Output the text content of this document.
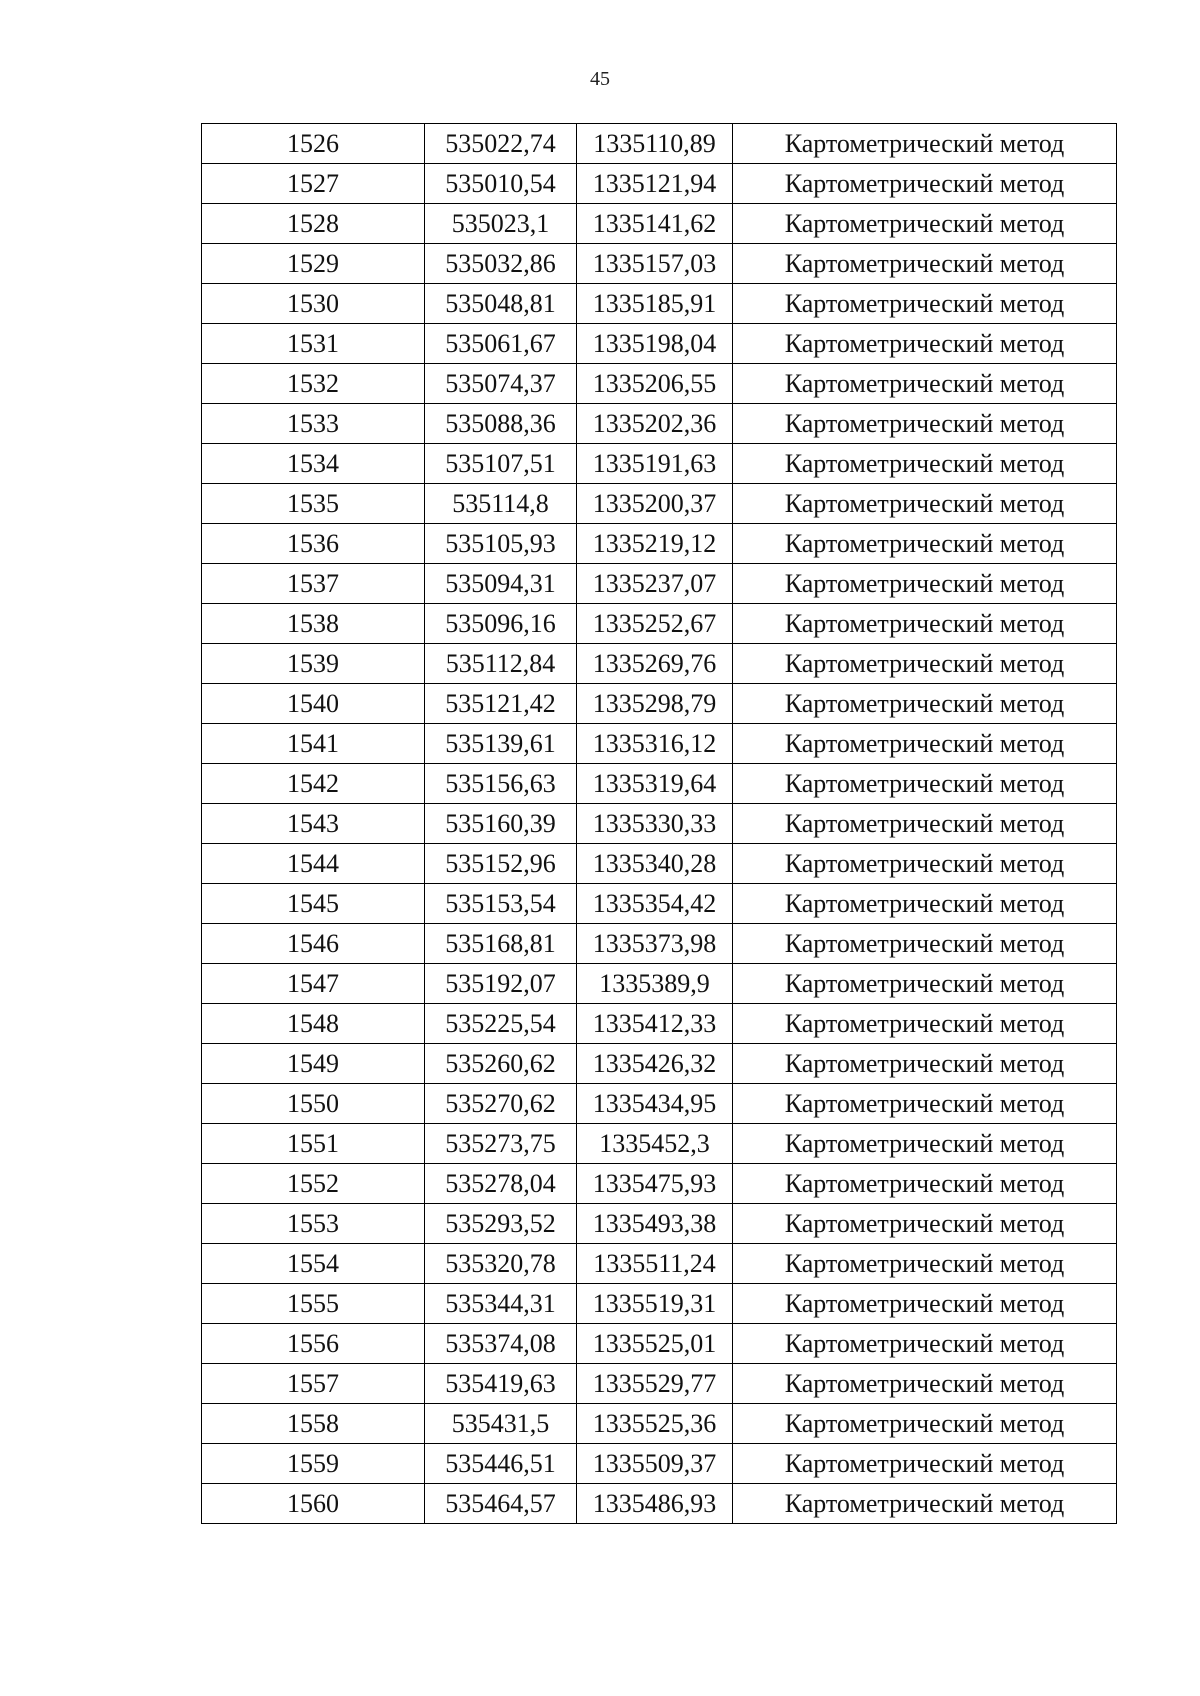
45
1526	535022,74	1335110,89	Картометрический метод
1527	535010,54	1335121,94	Картометрический метод
1528	535023,1	1335141,62	Картометрический метод
1529	535032,86	1335157,03	Картометрический метод
1530	535048,81	1335185,91	Картометрический метод
1531	535061,67	1335198,04	Картометрический метод
1532	535074,37	1335206,55	Картометрический метод
1533	535088,36	1335202,36	Картометрический метод
1534	535107,51	1335191,63	Картометрический метод
1535	535114,8	1335200,37	Картометрический метод
1536	535105,93	1335219,12	Картометрический метод
1537	535094,31	1335237,07	Картометрический метод
1538	535096,16	1335252,67	Картометрический метод
1539	535112,84	1335269,76	Картометрический метод
1540	535121,42	1335298,79	Картометрический метод
1541	535139,61	1335316,12	Картометрический метод
1542	535156,63	1335319,64	Картометрический метод
1543	535160,39	1335330,33	Картометрический метод
1544	535152,96	1335340,28	Картометрический метод
1545	535153,54	1335354,42	Картометрический метод
1546	535168,81	1335373,98	Картометрический метод
1547	535192,07	1335389,9	Картометрический метод
1548	535225,54	1335412,33	Картометрический метод
1549	535260,62	1335426,32	Картометрический метод
1550	535270,62	1335434,95	Картометрический метод
1551	535273,75	1335452,3	Картометрический метод
1552	535278,04	1335475,93	Картометрический метод
1553	535293,52	1335493,38	Картометрический метод
1554	535320,78	1335511,24	Картометрический метод
1555	535344,31	1335519,31	Картометрический метод
1556	535374,08	1335525,01	Картометрический метод
1557	535419,63	1335529,77	Картометрический метод
1558	535431,5	1335525,36	Картометрический метод
1559	535446,51	1335509,37	Картометрический метод
1560	535464,57	1335486,93	Картометрический метод
